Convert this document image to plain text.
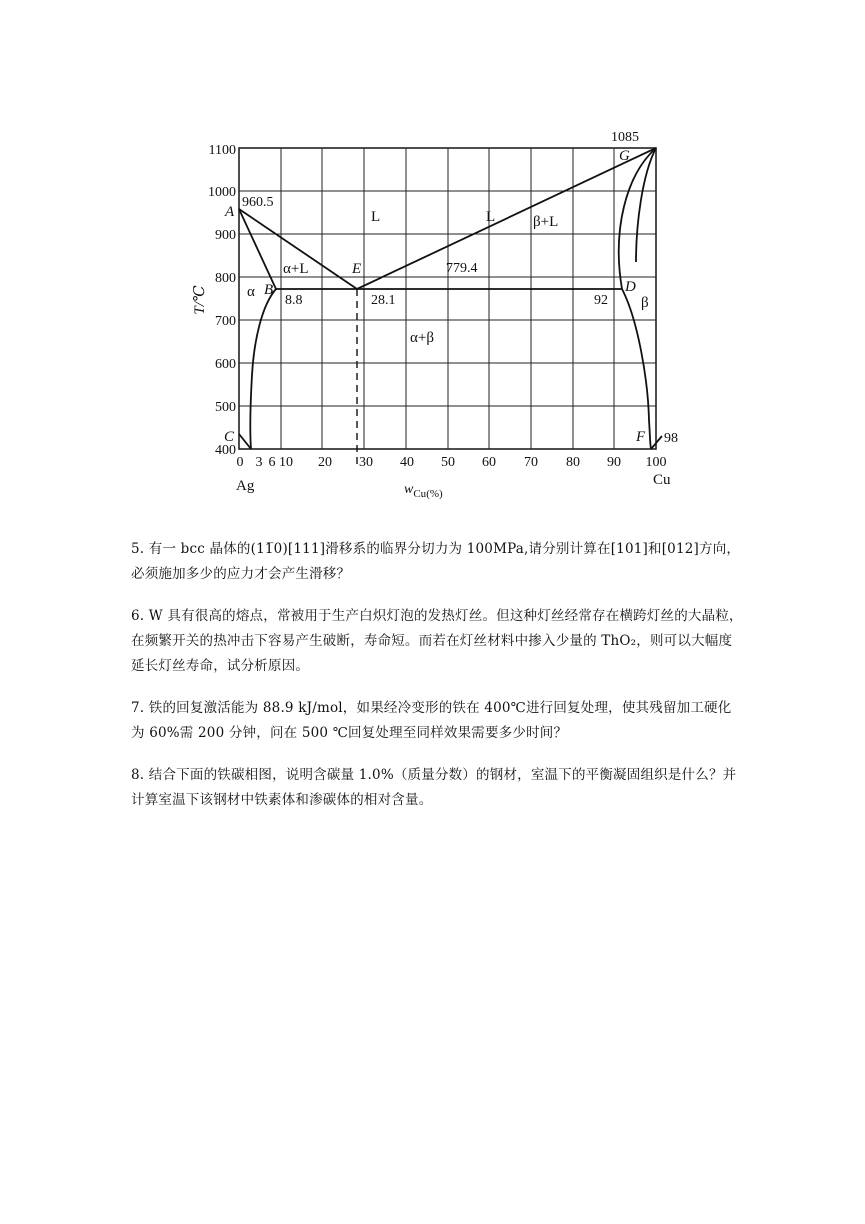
1100
1000
900
800
700
600
500
400
T/℃
0 3 6 10 20 30 40 50 60 70 80 90 100
$w_{Cu}(\%)$
Ag	Cu
A
B
C
D
E
F
G
960.5
1085
779.4
8.8	28.1	92
98
L	L	β+L
α+L
α
β
α+β

5. 有一 bcc 晶体的(11̅0)[111]滑移系的临界分切力为 100MPa,请分别计算在[101]和[012]方向，必须施加多少的应力才会产生滑移？

6. W 具有很高的熔点，常被用于生产白炽灯泡的发热灯丝。但这种灯丝经常存在横跨灯丝的大晶粒，在频繁开关的热冲击下容易产生破断，寿命短。而若在灯丝材料中掺入少量的 ThO₂，则可以大幅度延长灯丝寿命，试分析原因。

7. 铁的回复激活能为 88.9 kJ/mol，如果经冷变形的铁在 400℃进行回复处理，使其残留加工硬化为 60%需 200 分钟，问在 500 ℃回复处理至同样效果需要多少时间？

8. 结合下面的铁碳相图，说明含碳量 1.0%（质量分数）的钢材，室温下的平衡凝固组织是什么？并计算室温下该钢材中铁素体和渗碳体的相对含量。
